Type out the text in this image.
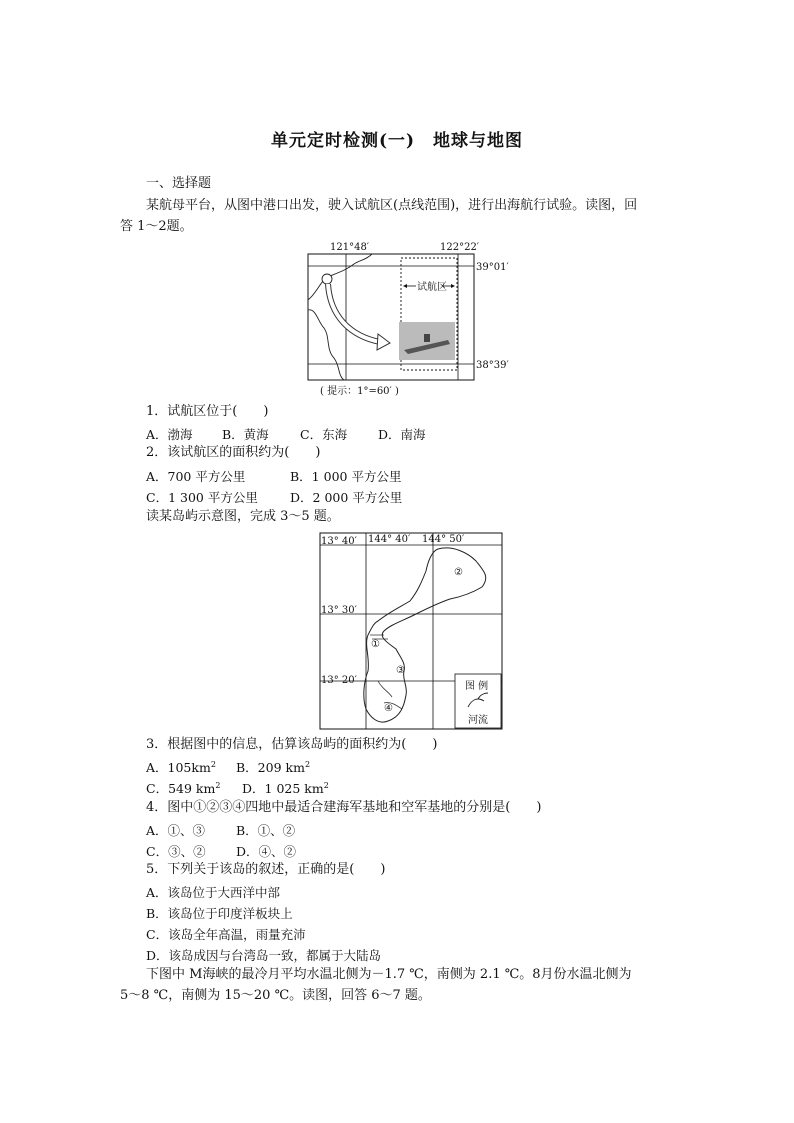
单元定时检测(一)　地球与地图
一、选择题
某航母平台，从图中港口出发，驶入试航区(点线范围)，进行出海航行试验。读图，回
答 1～2题。
121°48′	122°22′
39°01′
38°39′
试航区
( 提示：1°=60′ )
1．试航区位于(　　)
A．渤海 B．黄海	C．东海 D．南海
2．该试航区的面积约为(　　)
A．700 平方公里	B．1 000 平方公里
C．1 300 平方公里	D．2 000 平方公里
读某岛屿示意图，完成 3～5 题。
13° 40′ 144° 40′ 144° 50′
13° 30′
13° 20′
②
①
③
④
图 例
河流
3．根据图中的信息，估算该岛屿的面积约为(　　)
A．$105km^2$ B．209 $km^2$
C．549 $km^2$ D．1 025 $km^2$
4．图中①②③④四地中最适合建海军基地和空军基地的分别是(　　)
A．①、③ B．①、②
C．③、② D．④、②
5．下列关于该岛的叙述，正确的是(　　)
A．该岛位于大西洋中部
B．该岛位于印度洋板块上
C．该岛全年高温，雨量充沛
D．该岛成因与台湾岛一致，都属于大陆岛
下图中 M海峡的最冷月平均水温北侧为－1.7 ℃，南侧为 2.1 ℃。8月份水温北侧为
5～8 ℃，南侧为 15～20 ℃。读图，回答 6～7 题。
